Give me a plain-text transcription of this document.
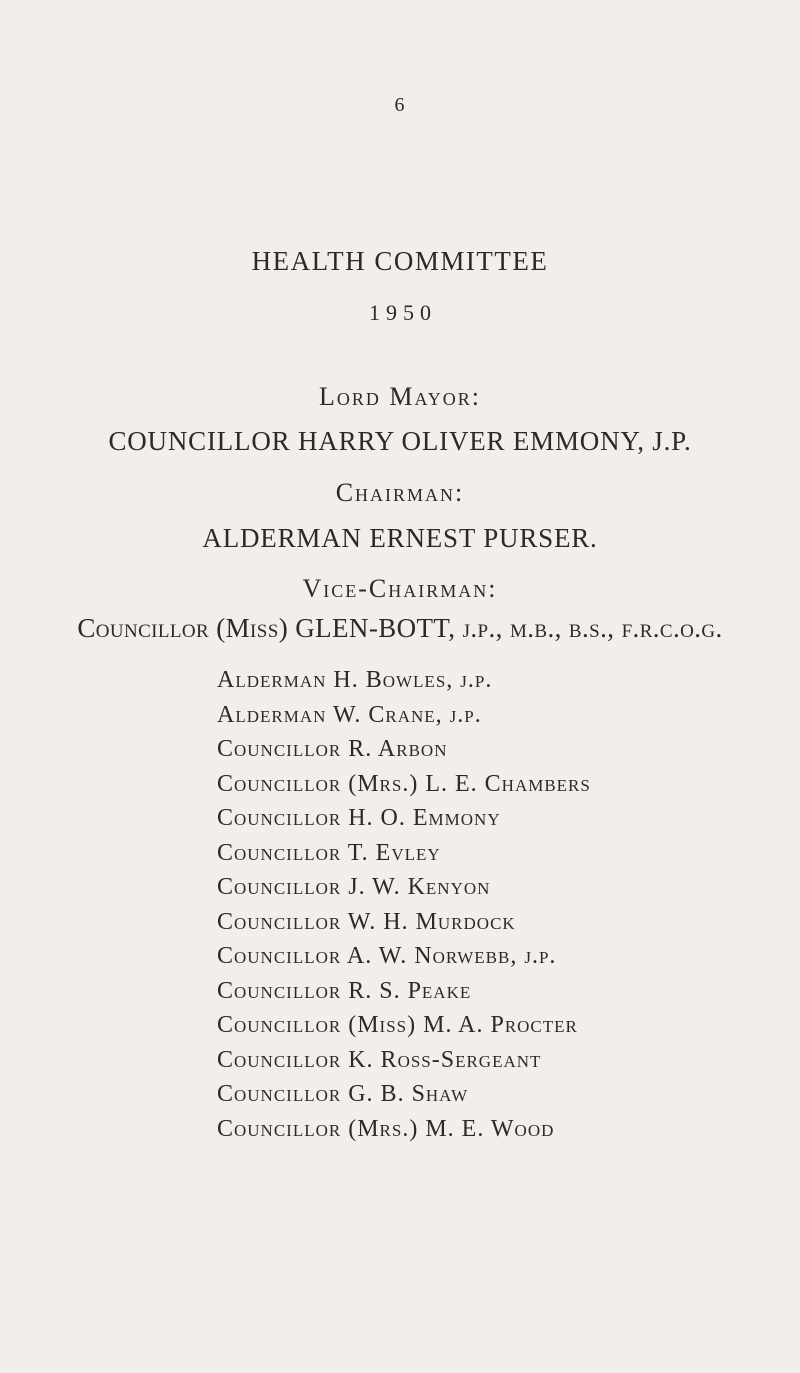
6
HEALTH COMMITTEE
1950
Lord Mayor:
COUNCILLOR HARRY OLIVER EMMONY, J.P.
Chairman:
ALDERMAN ERNEST PURSER.
Vice-Chairman:
Councillor (Miss) GLEN-BOTT, j.p., m.b., b.s., f.r.c.o.g.
Alderman H. Bowles, j.p.
Alderman W. Crane, j.p.
Councillor R. Arbon
Councillor (Mrs.) L. E. Chambers
Councillor H. O. Emmony
Councillor T. Evley
Councillor J. W. Kenyon
Councillor W. H. Murdock
Councillor A. W. Norwebb, j.p.
Councillor R. S. Peake
Councillor (Miss) M. A. Procter
Councillor K. Ross-Sergeant
Councillor G. B. Shaw
Councillor (Mrs.) M. E. Wood
